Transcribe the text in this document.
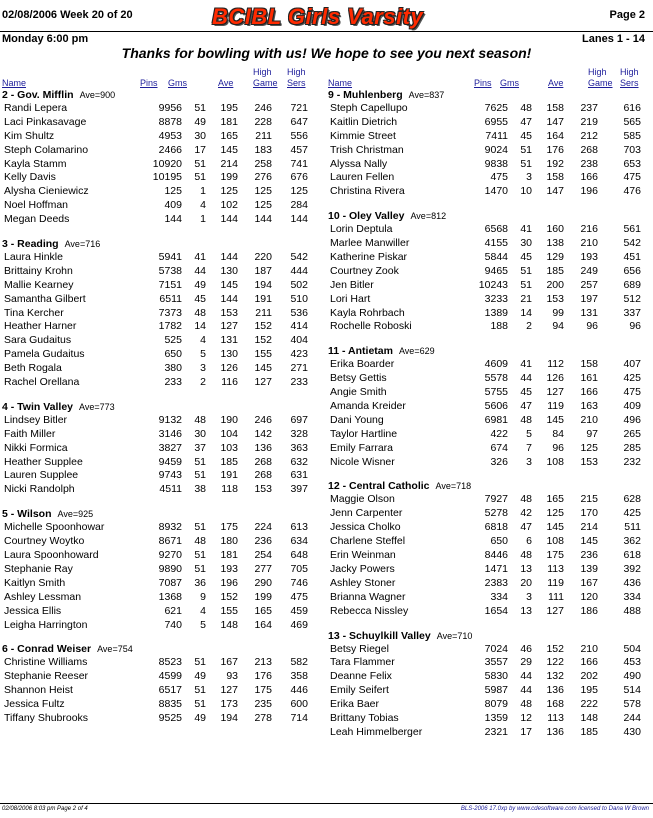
02/08/2006 Week 20 of 20	BCIBL Girls Varsity	Page 2
Monday 6:00 pm	Lanes 1 - 14
Thanks for bowling with us! We hope to see you next season!
Name	Pins Gms	Ave
High
Game
High
Sers
2 - Gov. Mifflin Ave=900
Randi Lepera	9956	51	195	246	721
Laci Pinkasavage	8878	49	181	228	647
Kim Shultz	4953	30	165	211	556
Steph Colamarino	2466	17	145	183	457
Kayla Stamm	10920	51	214	258	741
Kelly Davis	10195	51	199	276	676
Alysha Cieniewicz	125	1	125	125	125
Noel Hoffman	409	4	102	125	284
Megan Deeds	144	1	144	144	144
3 - Reading Ave=716
Laura Hinkle	5941	41	144	220	542
Brittainy Krohn	5738	44	130	187	444
Mallie Kearney	7151	49	145	194	502
Samantha Gilbert	6511	45	144	191	510
Tina Kercher	7373	48	153	211	536
Heather Harner	1782	14	127	152	414
Sara Gudaitus	525	4	131	152	404
Pamela Gudaitus	650	5	130	155	423
Beth Rogala	380	3	126	145	271
Rachel Orellana	233	2	116	127	233
4 - Twin Valley Ave=773
Lindsey Bitler	9132	48	190	246	697
Faith Miller	3146	30	104	142	328
Nikki Formica	3827	37	103	136	363
Heather Supplee	9459	51	185	268	632
Lauren Supplee	9743	51	191	268	631
Nicki Randolph	4511	38	118	153	397
5 - Wilson Ave=925
Michelle Spoonhowar	8932	51	175	224	613
Courtney Woytko	8671	48	180	236	634
Laura Spoonhoward	9270	51	181	254	648
Stephanie Ray	9890	51	193	277	705
Kaitlyn Smith	7087	36	196	290	746
Ashley Lessman	1368	9	152	199	475
Jessica Ellis	621	4	155	165	459
Leigha Harrington	740	5	148	164	469
6 - Conrad Weiser Ave=754
Christine Williams	8523	51	167	213	582
Stephanie Reeser	4599	49	93	176	358
Shannon Heist	6517	51	127	175	446
Jessica Fultz	8835	51	173	235	600
Tiffany Shubrooks	9525	49	194	278	714
Name	Pins Gms	Ave
High
Game
High
Sers
9 - Muhlenberg Ave=837
Steph Capellupo	7625	48	158	237	616
Kaitlin Dietrich	6955	47	147	219	565
Kimmie Street	7411	45	164	212	585
Trish Christman	9024	51	176	268	703
Alyssa Nally	9838	51	192	238	653
Lauren Fellen	475	3	158	166	475
Christina Rivera	1470	10	147	196	476
10 - Oley Valley Ave=812
Lorin Deptula	6568	41	160	216	561
Marlee Manwiller	4155	30	138	210	542
Katherine Piskar	5844	45	129	193	451
Courtney Zook	9465	51	185	249	656
Jen Bitler	10243	51	200	257	689
Lori Hart	3233	21	153	197	512
Kayla Rohrbach	1389	14	99	131	337
Rochelle Roboski	188	2	94	96	96
11 - Antietam Ave=629
Erika Boarder	4609	41	112	158	407
Betsy Gettis	5578	44	126	161	425
Angie Smith	5755	45	127	166	475
Amanda Kreider	5606	47	119	163	409
Dani Young	6981	48	145	210	496
Taylor Hartline	422	5	84	97	265
Emily Farrara	674	7	96	125	285
Nicole Wisner	326	3	108	153	232
12 - Central Catholic Ave=718
Maggie Olson	7927	48	165	215	628
Jenn Carpenter	5278	42	125	170	425
Jessica Cholko	6818	47	145	214	511
Charlene Steffel	650	6	108	145	362
Erin Weinman	8446	48	175	236	618
Jacky Powers	1471	13	113	139	392
Ashley Stoner	2383	20	119	167	436
Brianna Wagner	334	3	111	120	334
Rebecca Nissley	1654	13	127	186	488
13 - Schuylkill Valley Ave=710
Betsy Riegel	7024	46	152	210	504
Tara Flammer	3557	29	122	166	453
Deanne Felix	5830	44	132	202	490
Emily Seifert	5987	44	136	195	514
Erika Baer	8079	48	168	222	578
Brittany Tobias	1359	12	113	148	244
Leah Himmelberger	2321	17	136	185	430
02/08/2006 8:03 pm Page 2 of 4	BLS-2006 17.0xp by www.cdesoftware.com licensed to Dana W Brown
